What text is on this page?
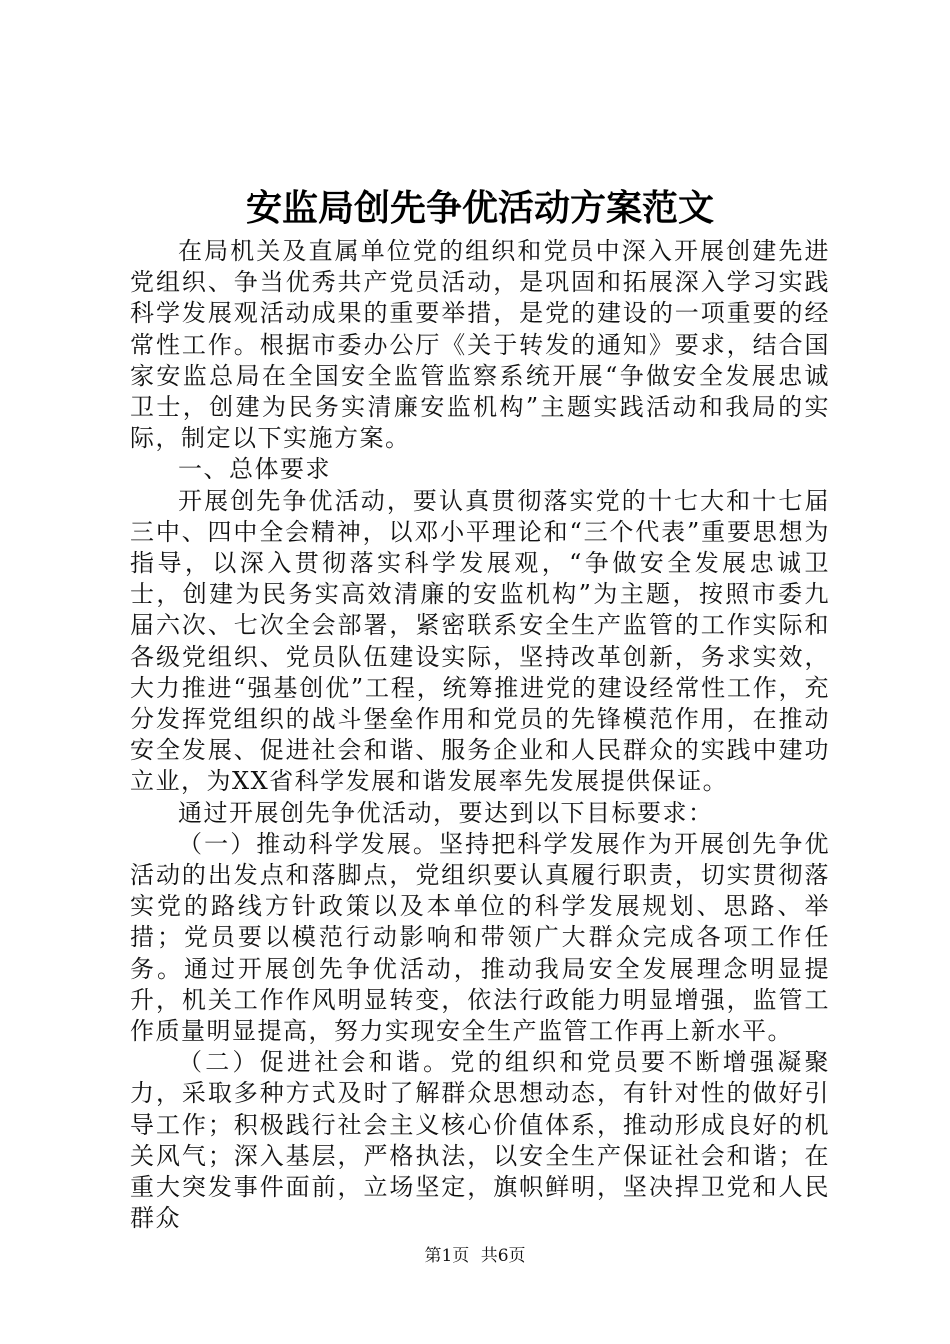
安监局创先争优活动方案范文

在局机关及直属单位党的组织和党员中深入开展创建先进党组织、争当优秀共产党员活动，是巩固和拓展深入学习实践科学发展观活动成果的重要举措，是党的建设的一项重要的经常性工作。根据市委办公厅《关于转发的通知》要求，结合国家安监总局在全国安全监管监察系统开展“争做安全发展忠诚卫士，创建为民务实清廉安监机构”主题实践活动和我局的实际，制定以下实施方案。

一、总体要求

开展创先争优活动，要认真贯彻落实党的十七大和十七届三中、四中全会精神，以邓小平理论和“三个代表”重要思想为指导，以深入贯彻落实科学发展观，“争做安全发展忠诚卫士，创建为民务实高效清廉的安监机构”为主题，按照市委九届六次、七次全会部署，紧密联系安全生产监管的工作实际和各级党组织、党员队伍建设实际，坚持改革创新，务求实效，大力推进“强基创优”工程，统筹推进党的建设经常性工作，充分发挥党组织的战斗堡垒作用和党员的先锋模范作用，在推动安全发展、促进社会和谐、服务企业和人民群众的实践中建功立业，为XX省科学发展和谐发展率先发展提供保证。

通过开展创先争优活动，要达到以下目标要求：

（一）推动科学发展。坚持把科学发展作为开展创先争优活动的出发点和落脚点，党组织要认真履行职责，切实贯彻落实党的路线方针政策以及本单位的科学发展规划、思路、举措；党员要以模范行动影响和带领广大群众完成各项工作任务。通过开展创先争优活动，推动我局安全发展理念明显提升，机关工作作风明显转变，依法行政能力明显增强，监管工作质量明显提高，努力实现安全生产监管工作再上新水平。

（二）促进社会和谐。党的组织和党员要不断增强凝聚力，采取多种方式及时了解群众思想动态，有针对性的做好引导工作；积极践行社会主义核心价值体系，推动形成良好的机关风气；深入基层，严格执法，以安全生产保证社会和谐；在重大突发事件面前，立场坚定，旗帜鲜明，坚决捍卫党和人民群众

第1页 共6页
